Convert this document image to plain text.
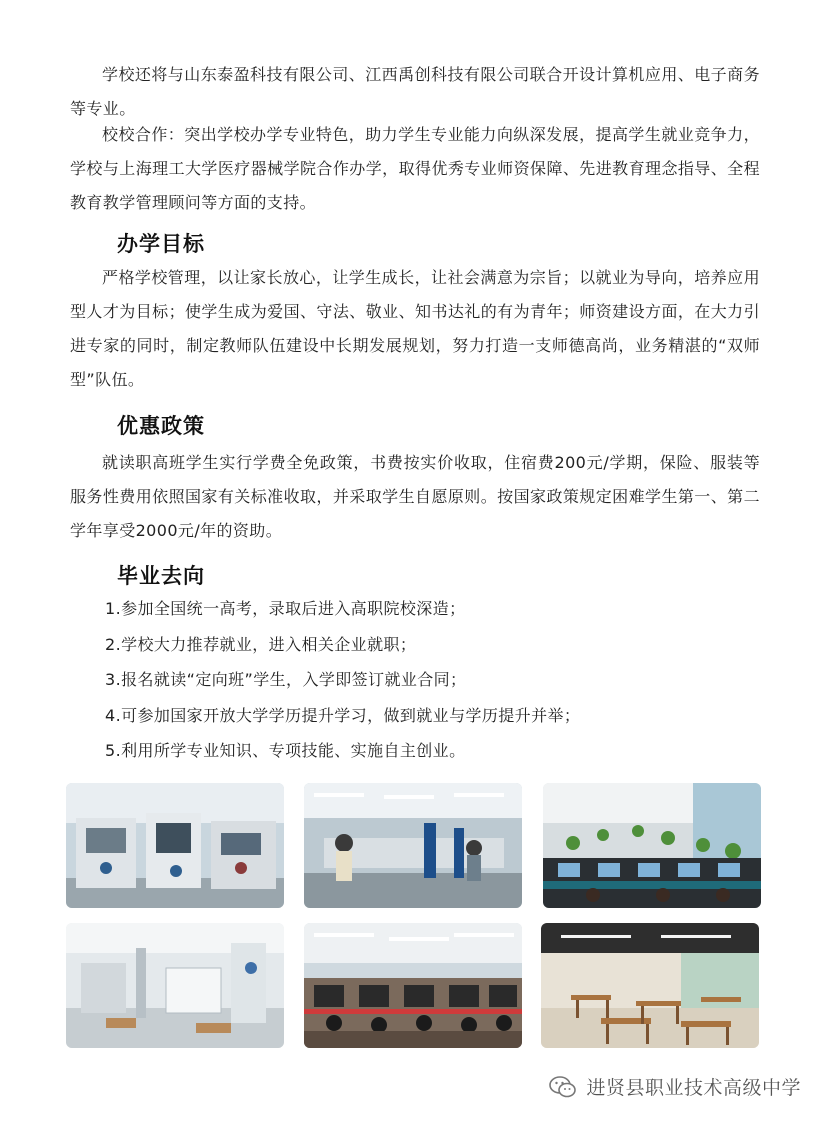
学校还将与山东泰盈科技有限公司、江西禹创科技有限公司联合开设计算机应用、电子商务等专业。

校校合作：突出学校办学专业特色，助力学生专业能力向纵深发展，提高学生就业竞争力，学校与上海理工大学医疗器械学院合作办学，取得优秀专业师资保障、先进教育理念指导、全程教育教学管理顾问等方面的支持。

办学目标

严格学校管理，以让家长放心，让学生成长，让社会满意为宗旨；以就业为导向，培养应用型人才为目标；使学生成为爱国、守法、敬业、知书达礼的有为青年；师资建设方面，在大力引进专家的同时，制定教师队伍建设中长期发展规划，努力打造一支师德高尚，业务精湛的“双师型”队伍。

优惠政策

就读职高班学生实行学费全免政策，书费按实价收取，住宿费200元/学期，保险、服装等服务性费用依照国家有关标准收取，并采取学生自愿原则。按国家政策规定困难学生第一、第二学年享受2000元/年的资助。

毕业去向
1.参加全国统一高考，录取后进入高职院校深造；
2.学校大力推荐就业，进入相关企业就职；
3.报名就读“定向班”学生，入学即签订就业合同；
4.可参加国家开放大学学历提升学习，做到就业与学历提升并举；
5.利用所学专业知识、专项技能、实施自主创业。
进贤县职业技术高级中学
